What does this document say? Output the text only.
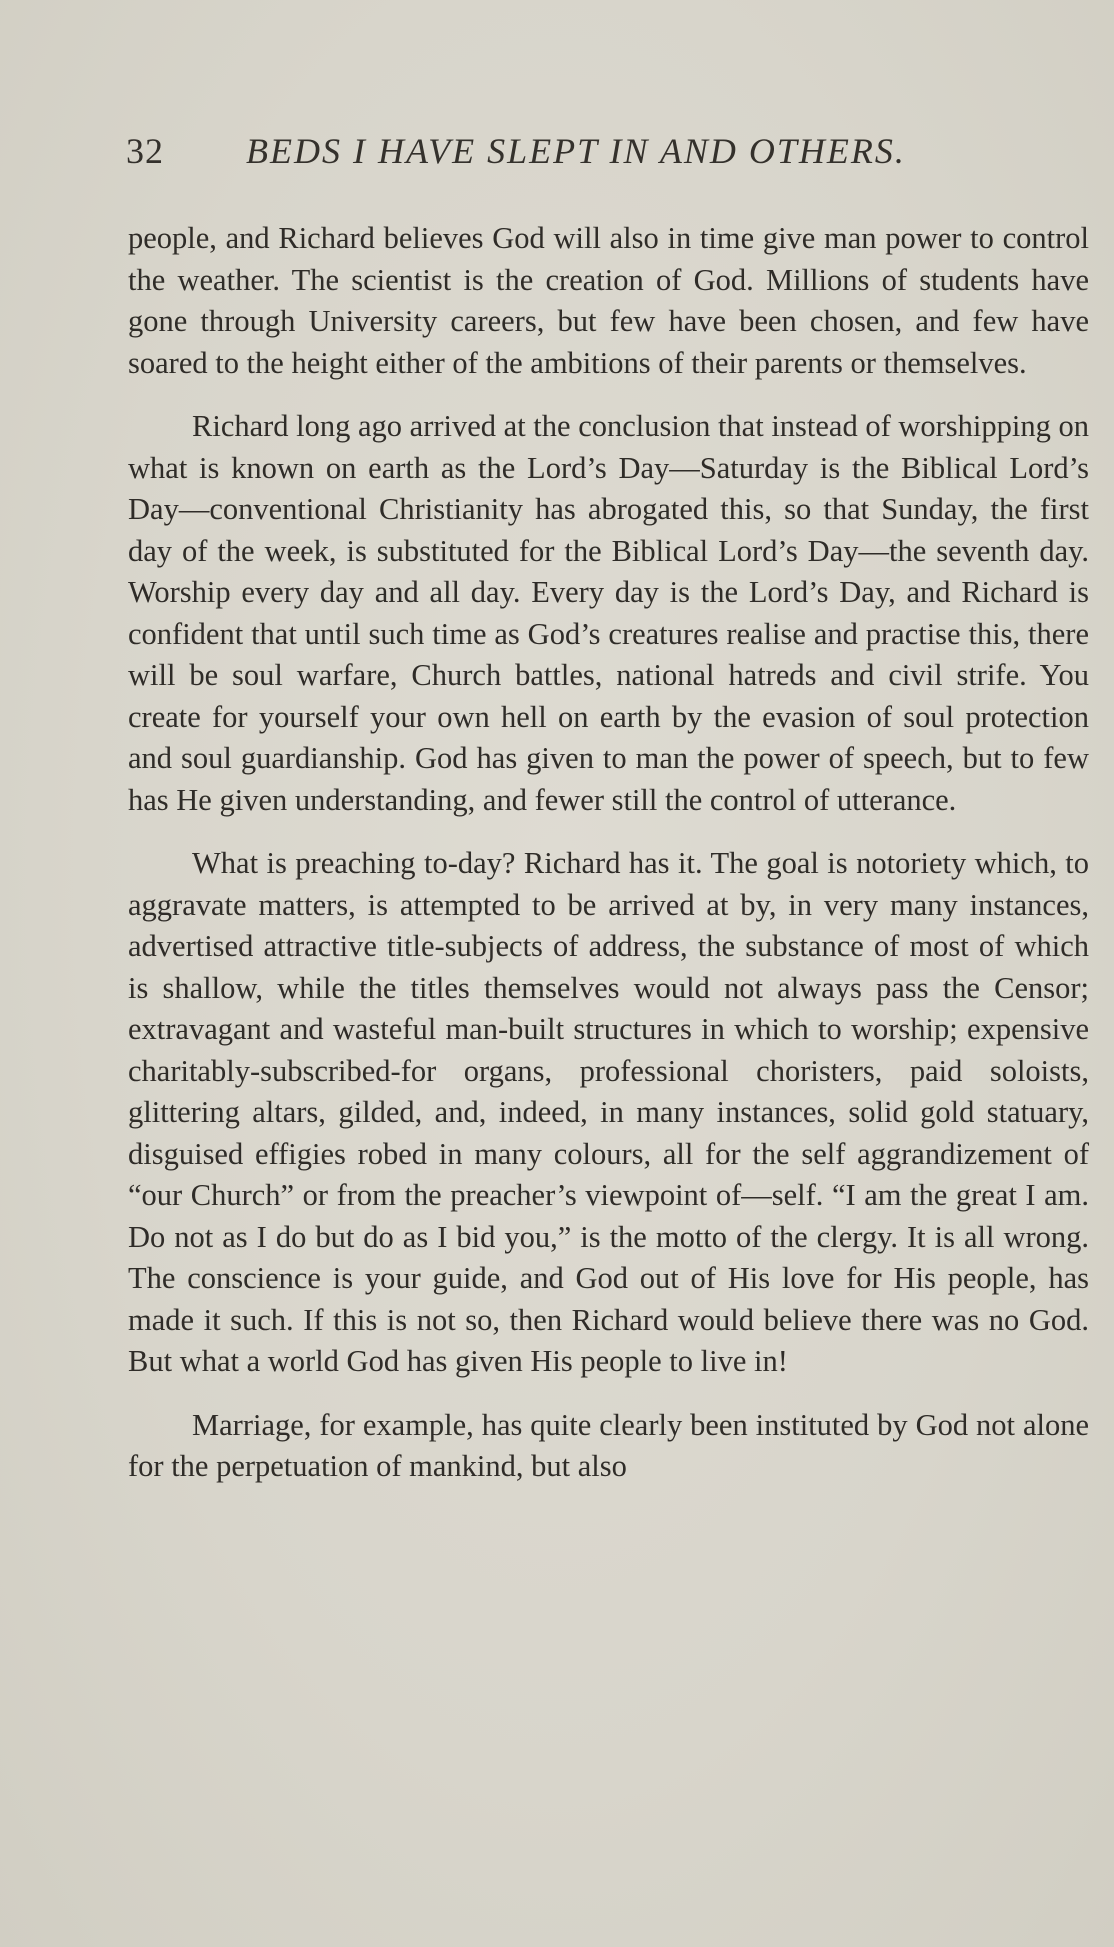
32 BEDS I HAVE SLEPT IN AND OTHERS.

people, and Richard believes God will also in time give man power to control the weather. The scientist is the creation of God. Millions of students have gone through University careers, but few have been chosen, and few have soared to the height either of the ambitions of their parents or themselves.

Richard long ago arrived at the conclusion that instead of worshipping on what is known on earth as the Lord’s Day—Saturday is the Biblical Lord’s Day—conventional Christianity has abrogated this, so that Sunday, the first day of the week, is substituted for the Biblical Lord’s Day—the seventh day. Worship every day and all day. Every day is the Lord’s Day, and Richard is confident that until such time as God’s creatures realise and practise this, there will be soul warfare, Church battles, national hatreds and civil strife. You create for yourself your own hell on earth by the evasion of soul protection and soul guardianship. God has given to man the power of speech, but to few has He given understanding, and fewer still the control of utterance.

What is preaching to-day? Richard has it. The goal is notoriety which, to aggravate matters, is attempted to be arrived at by, in very many instances, advertised attractive title-subjects of address, the substance of most of which is shallow, while the titles themselves would not always pass the Censor; extravagant and wasteful man-built structures in which to worship; expensive charitably-subscribed-for organs, professional choristers, paid soloists, glittering altars, gilded, and, indeed, in many instances, solid gold statuary, disguised effigies robed in many colours, all for the self aggrandizement of “our Church” or from the preacher’s viewpoint of—self. “I am the great I am. Do not as I do but do as I bid you,” is the motto of the clergy. It is all wrong. The conscience is your guide, and God out of His love for His people, has made it such. If this is not so, then Richard would believe there was no God. But what a world God has given His people to live in!

Marriage, for example, has quite clearly been instituted by God not alone for the perpetuation of mankind, but also
